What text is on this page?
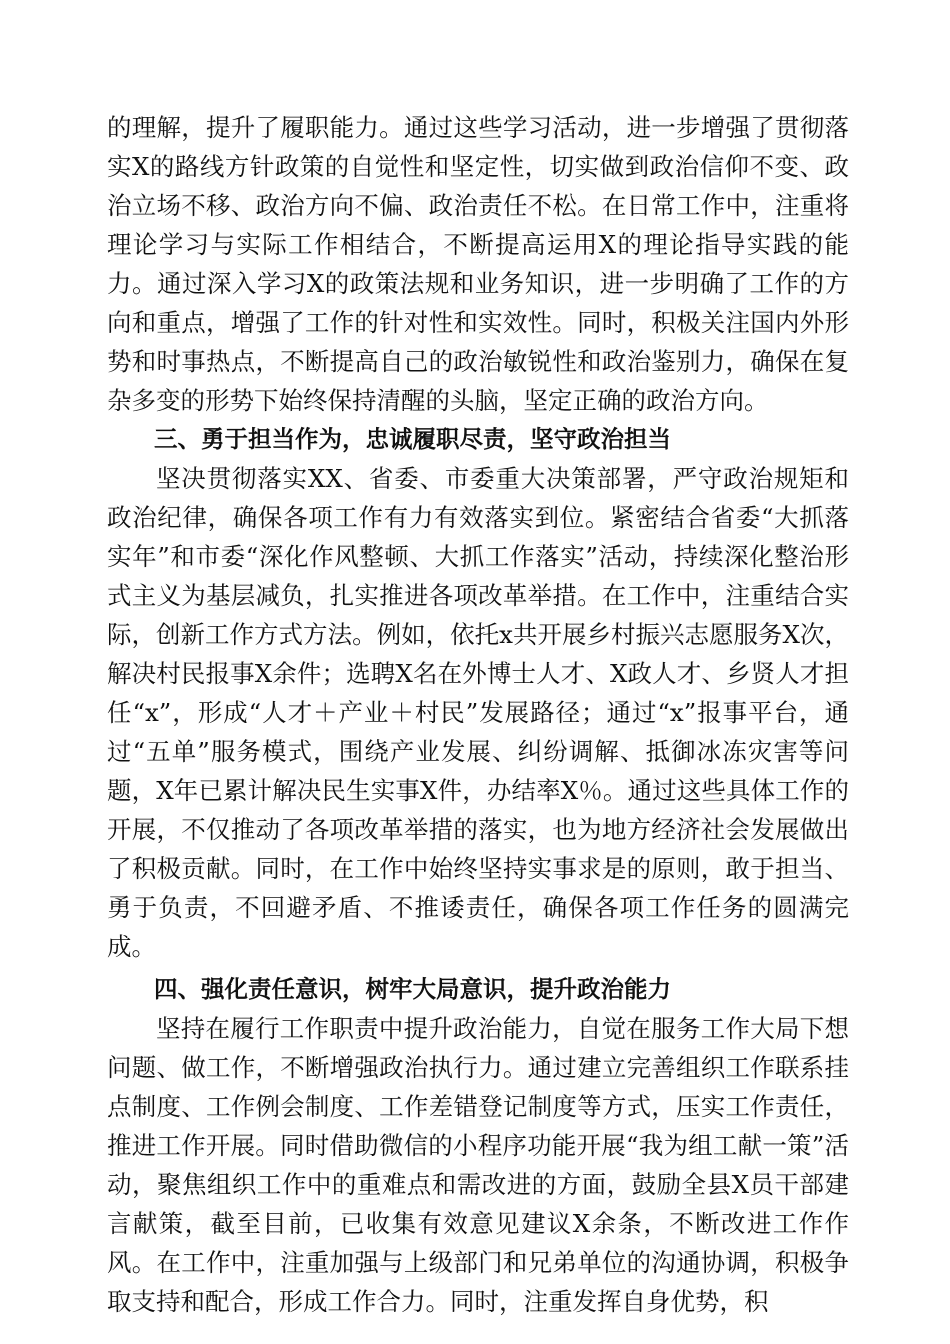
的理解，提升了履职能力。通过这些学习活动，进一步增强了贯彻落实X的路线方针政策的自觉性和坚定性，切实做到政治信仰不变、政治立场不移、政治方向不偏、政治责任不松。在日常工作中，注重将理论学习与实际工作相结合，不断提高运用X的理论指导实践的能力。通过深入学习X的政策法规和业务知识，进一步明确了工作的方向和重点，增强了工作的针对性和实效性。同时，积极关注国内外形势和时事热点，不断提高自己的政治敏锐性和政治鉴别力，确保在复杂多变的形势下始终保持清醒的头脑，坚定正确的政治方向。

三、勇于担当作为，忠诚履职尽责，坚守政治担当

坚决贯彻落实XX、省委、市委重大决策部署，严守政治规矩和政治纪律，确保各项工作有力有效落实到位。紧密结合省委“大抓落实年”和市委“深化作风整顿、大抓工作落实”活动，持续深化整治形式主义为基层减负，扎实推进各项改革举措。在工作中，注重结合实际，创新工作方式方法。例如，依托x共开展乡村振兴志愿服务X次，解决村民报事X余件；选聘X名在外博士人才、X政人才、乡贤人才担任“x”，形成“人才＋产业＋村民”发展路径；通过“x”报事平台，通过“五单”服务模式，围绕产业发展、纠纷调解、抵御冰冻灾害等问题，X年已累计解决民生实事X件，办结率X％。通过这些具体工作的开展，不仅推动了各项改革举措的落实，也为地方经济社会发展做出了积极贡献。同时，在工作中始终坚持实事求是的原则，敢于担当、勇于负责，不回避矛盾、不推诿责任，确保各项工作任务的圆满完成。

四、强化责任意识，树牢大局意识，提升政治能力

坚持在履行工作职责中提升政治能力，自觉在服务工作大局下想问题、做工作，不断增强政治执行力。通过建立完善组织工作联系挂点制度、工作例会制度、工作差错登记制度等方式，压实工作责任，推进工作开展。同时借助微信的小程序功能开展“我为组工献一策”活动，聚焦组织工作中的重难点和需改进的方面，鼓励全县X员干部建言献策，截至目前，已收集有效意见建议X余条，不断改进工作作风。在工作中，注重加强与上级部门和兄弟单位的沟通协调，积极争取支持和配合，形成工作合力。同时，注重发挥自身优势，积
